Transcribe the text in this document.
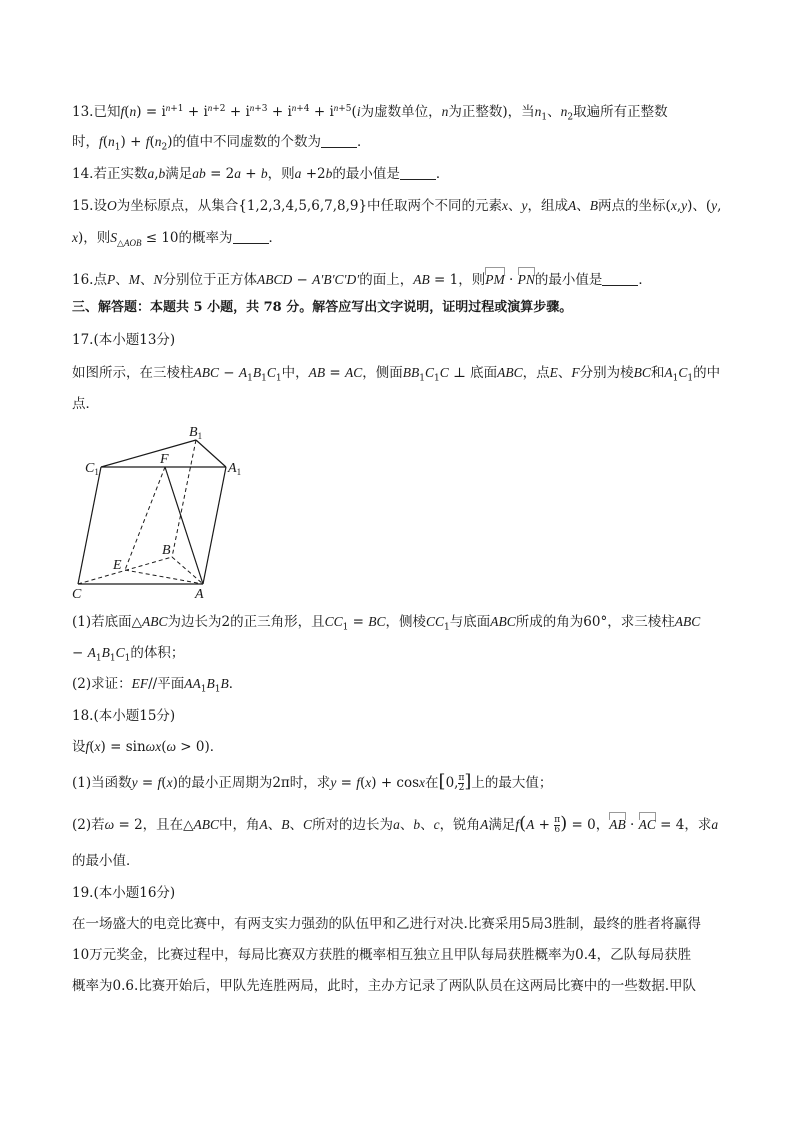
13.已知$f(n) = i^{n+1} + i^{n+2} + i^{n+3} + i^{n+4} + i^{n+5}(i$为虚数单位，n为正整数)，当$n_1$、$n_2$取遍所有正整数
时，$f(n_1) + f(n_2)$的值中不同虚数的个数为	．
14.若正实数a,b满足ab = 2a + b，则a +2b的最小值是	．
15.设O为坐标原点，从集合{1,2,3,4,5,6,7,8,9}中任取两个不同的元素x、y，组成A、B两点的坐标(x,y)、(y,
x)，则$S_{\triangle AOB} \le 10$的概率为	．
16.点P、M、N分别位于正方体ABCD − A′B′C′D′的面上，AB = 1，则PM · PN的最小值是	．
三、解答题：本题共 5 小题，共 78 分。解答应写出文字说明，证明过程或演算步骤。
17.(本小题13分)
如图所示，在三棱柱ABC − $A_1B_1C_1$中，AB = AC，侧面$BB_1C_1C$ ⊥ 底面ABC，点E、F分别为棱BC和$A_1C_1$的中
点．
$B_1$
$C_1$	$A_1$
F
B
E
C	A
(1)若底面△ABC为边长为2的正三角形，且$CC_1$ = BC，侧棱$CC_1$与底面ABC所成的角为60°，求三棱柱ABC
− $A_1B_1C_1$的体积；
(2)求证：EF//平面$AA_1B_1B$．
18.(本小题15分)
设f(x) = sinωx(ω > 0)．
(1)当函数y = f(x)的最小正周期为2π时，求y = f(x) + cosx在[0, $\frac{\pi}{2}$ ]上的最大值；
(2)若ω = 2，且在△ABC中，角A、B、C所对的边长为a、b、c，锐角A满足$f(A + \frac{\pi}{6}$ ) = 0，AB · AC = 4，求a
的最小值．
19.(本小题16分)
在一场盛大的电竞比赛中，有两支实力强劲的队伍甲和乙进行对决.比赛采用5局3胜制，最终的胜者将赢得
10万元奖金，比赛过程中，每局比赛双方获胜的概率相互独立且甲队每局获胜概率为0.4，乙队每局获胜
概率为0.6.比赛开始后，甲队先连胜两局，此时，主办方记录了两队队员在这两局比赛中的一些数据.甲队
